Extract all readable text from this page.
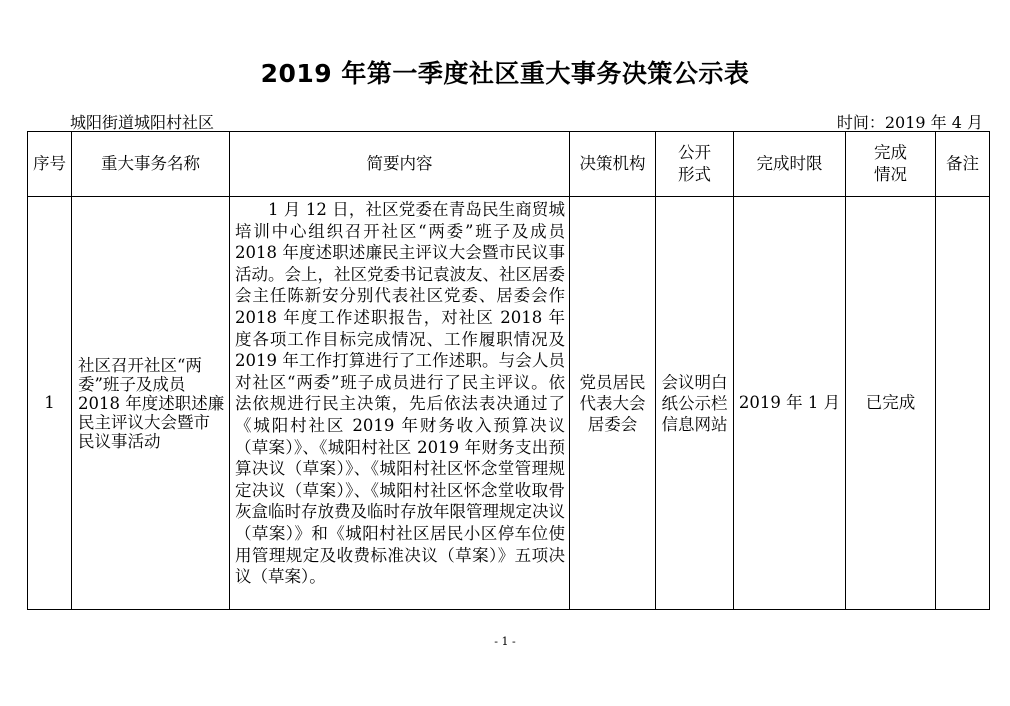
2019 年第一季度社区重大事务决策公示表
城阳街道城阳村社区	时间：2019 年 4 月
序号	重大事务名称	简要内容	决策机构	公开形式	完成时限	完成情况	备注
1	社区召开社区“两委”班子及成员 2018 年度述职述廉民主评议大会暨市民议事活动	1 月 12 日，社区党委在青岛民生商贸城培训中心组织召开社区“两委”班子及成员 2018 年度述职述廉民主评议大会暨市民议事活动。会上，社区党委书记袁波友、社区居委会主任陈新安分别代表社区党委、居委会作 2018 年度工作述职报告，对社区 2018 年度各项工作目标完成情况、工作履职情况及 2019 年工作打算进行了工作述职。与会人员对社区“两委”班子成员进行了民主评议。依法依规进行民主决策，先后依法表决通过了《城阳村社区 2019 年财务收入预算决议（草案）》、《城阳村社区 2019 年财务支出预算决议（草案）》、《城阳村社区怀念堂管理规定决议（草案）》、《城阳村社区怀念堂收取骨灰盒临时存放费及临时存放年限管理规定决议（草案）》和《城阳村社区居民小区停车位使用管理规定及收费标准决议（草案）》五项决议（草案）。	党员居民代表大会居委会	会议明白纸公示栏信息网站	2019 年 1 月	已完成	
- 1 -
